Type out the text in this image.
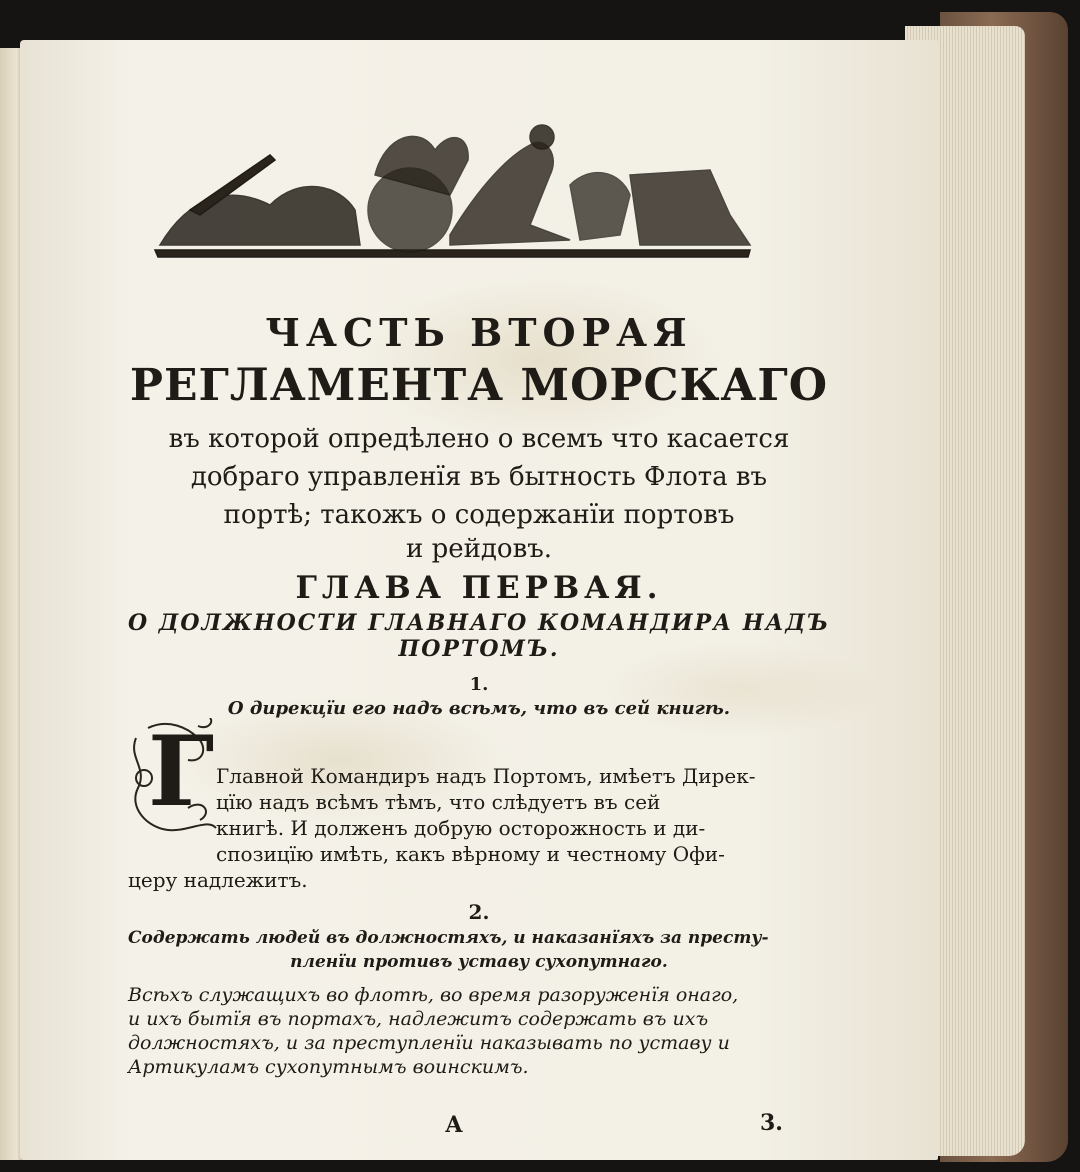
ЧАСТЬ ВТОРАЯ
РЕГЛАМЕНТА МОРСКАГО

въ которой опредѣлено о всемъ что касается

добраго управленїя въ бытность Флота въ

портѣ; такожъ о содержанїи портовъ

и рейдовъ.

ГЛАВА ПЕРВАЯ.

О ДОЛЖНОСТИ ГЛАВНАГО КОМАНДИРА НАДЪ

ПОРТОМЪ.

1.

О дирекцїи его надъ всѣмъ, что въ сей книгѣ.

Г Главной Командиръ надъ Портомъ, имѣетъ Дирек-

цїю надъ всѣмъ тѣмъ, что слѣдуетъ въ сей

книгѣ. И долженъ добрую осторожность и ди-

спозицїю имѣть, какъ вѣрному и честному Офи-

церу надлежитъ.

2.

Содержать людей въ должностяхъ, и наказанїяхъ за престу-

пленїи противъ уставу сухопутнаго.

Всѣхъ служащихъ во флотѣ, во время разоруженїя онаго,

и ихъ бытїя въ портахъ, надлежитъ содержать въ ихъ

должностяхъ, и за преступленїи наказывать по уставу и

Артикуламъ сухопутнымъ воинскимъ.

А	3.
